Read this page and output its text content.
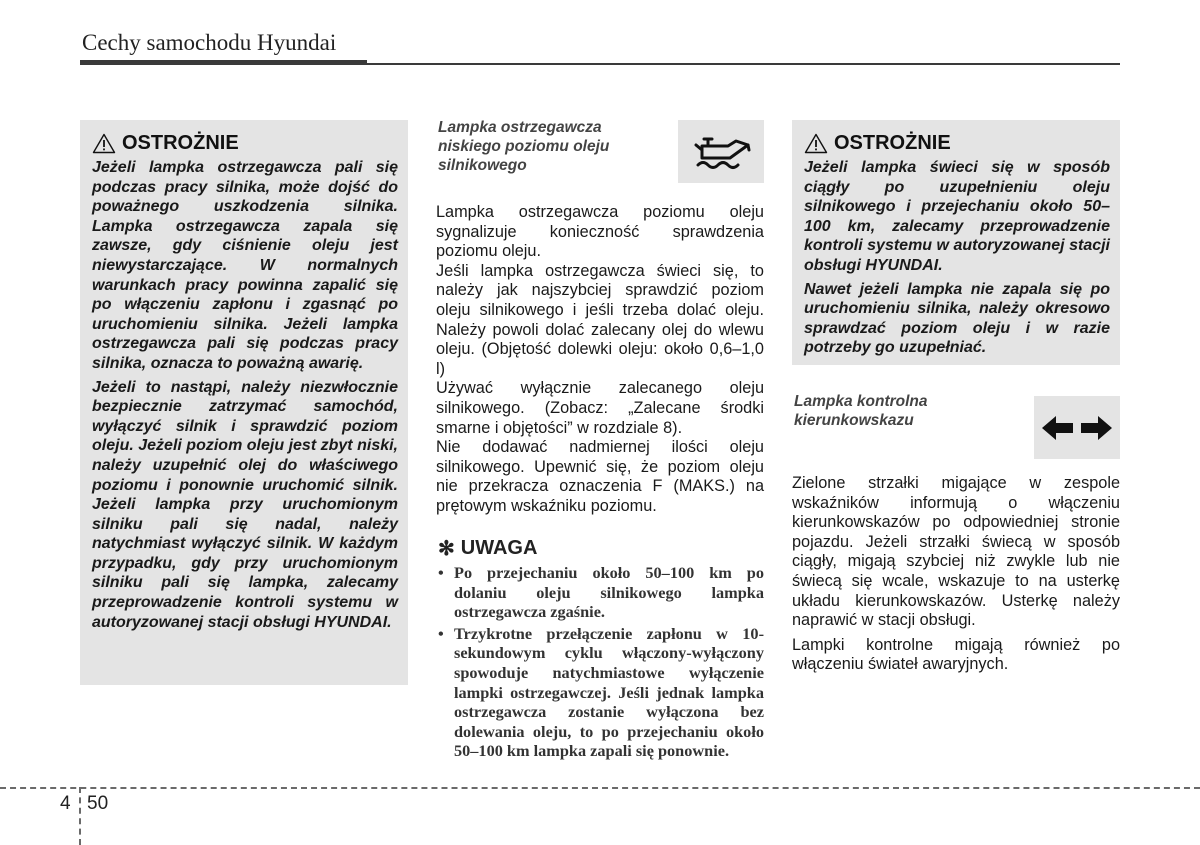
Cechy samochodu Hyundai
OSTROŻNIE

Jeżeli lampka ostrzegawcza pali się podczas pracy silnika, może dojść do poważnego uszkodzenia silnika. Lampka ostrzegawcza zapala się zawsze, gdy ciśnienie oleju jest niewystarczające. W normalnych warunkach pracy powinna zapalić się po włączeniu zapłonu i zgasnąć po uruchomieniu silnika. Jeżeli lampka ostrzegawcza pali się podczas pracy silnika, oznacza to poważną awarię.

Jeżeli to nastąpi, należy niezwłocznie bezpiecznie zatrzymać samochód, wyłączyć silnik i sprawdzić poziom oleju. Jeżeli poziom oleju jest zbyt niski, należy uzupełnić olej do właściwego poziomu i ponownie uruchomić silnik. Jeżeli lampka przy uruchomionym silniku pali się nadal, należy natychmiast wyłączyć silnik. W każdym przypadku, gdy przy uruchomionym silniku pali się lampka, zalecamy przeprowadzenie kontroli systemu w autoryzowanej stacji obsługi HYUNDAI.

Lampka ostrzegawcza niskiego poziomu oleju silnikowego

Lampka ostrzegawcza poziomu oleju sygnalizuje konieczność sprawdzenia poziomu oleju.
Jeśli lampka ostrzegawcza świeci się, to należy jak najszybciej sprawdzić poziom oleju silnikowego i jeśli trzeba dolać oleju. Należy powoli dolać zalecany olej do wlewu oleju. (Objętość dolewki oleju: około 0,6–1,0 l)
Używać wyłącznie zalecanego oleju silnikowego. (Zobacz: „Zalecane środki smarne i objętości” w rozdziale 8).
Nie dodawać nadmiernej ilości oleju silnikowego. Upewnić się, że poziom oleju nie przekracza oznaczenia F (MAKS.) na prętowym wskaźniku poziomu.

✻ UWAGA
• Po przejechaniu około 50–100 km po dolaniu oleju silnikowego lampka ostrzegawcza zgaśnie.
• Trzykrotne przełączenie zapłonu w 10-sekundowym cyklu włączony-wyłączony spowoduje natychmiastowe wyłączenie lampki ostrzegawczej. Jeśli jednak lampka ostrzegawcza zostanie wyłączona bez dolewania oleju, to po przejechaniu około 50–100 km lampka zapali się ponownie.
OSTROŻNIE

Jeżeli lampka świeci się w sposób ciągły po uzupełnieniu oleju silnikowego i przejechaniu około 50–100 km, zalecamy przeprowadzenie kontroli systemu w autoryzowanej stacji obsługi HYUNDAI.

Nawet jeżeli lampka nie zapala się po uruchomieniu silnika, należy okresowo sprawdzać poziom oleju i w razie potrzeby go uzupełniać.

Lampka kontrolna kierunkowskazu

Zielone strzałki migające w zespole wskaźników informują o włączeniu kierunkowskazów po odpowiedniej stronie pojazdu. Jeżeli strzałki świecą w sposób ciągły, migają szybciej niż zwykle lub nie świecą się wcale, wskazuje to na usterkę układu kierunkowskazów. Usterkę należy naprawić w stacji obsługi.

Lampki kontrolne migają również po włączeniu świateł awaryjnych.

4 50
